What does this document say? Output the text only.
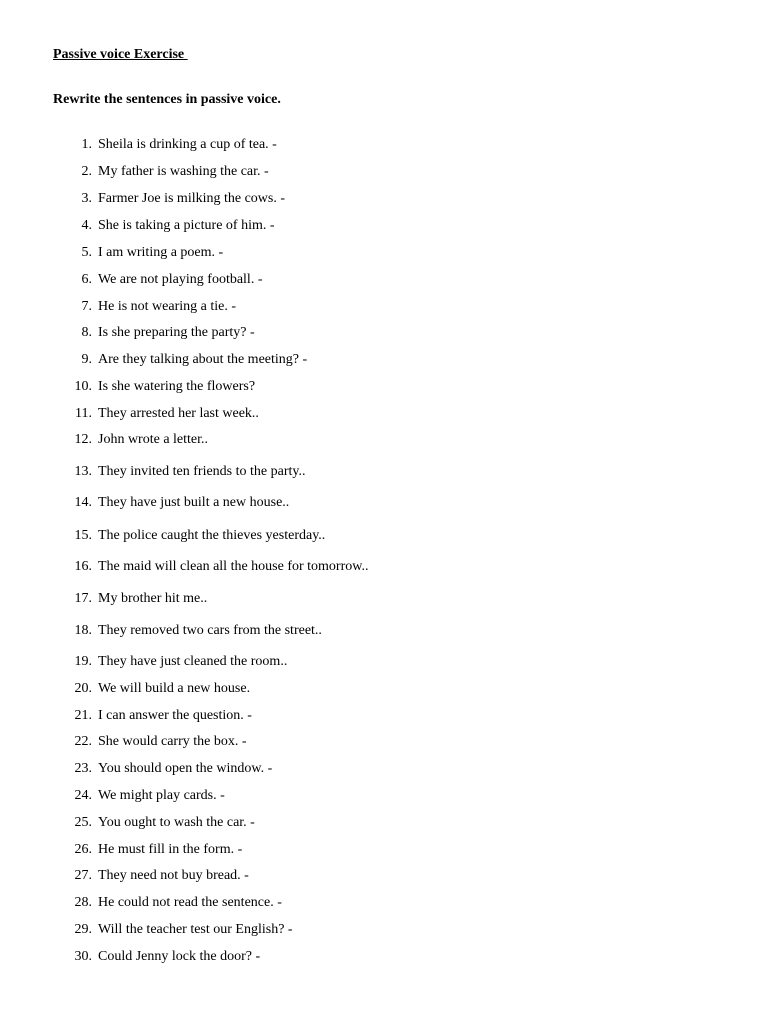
Passive voice Exercise
Rewrite the sentences in passive voice.
1. Sheila is drinking a cup of tea. -
2. My father is washing the car. -
3. Farmer Joe is milking the cows. -
4. She is taking a picture of him. -
5. I am writing a poem. -
6. We are not playing football. -
7. He is not wearing a tie. -
8. Is she preparing the party? -
9. Are they talking about the meeting? -
10. Is she watering the flowers?
11. They arrested her last week..
12. John wrote a letter..
13. They invited ten friends to the party..
14. They have just built a new house..
15. The police caught the thieves yesterday..
16. The maid will clean all the house for tomorrow..
17. My brother hit me..
18. They removed two cars from the street..
19. They have just cleaned the room..
20. We will build a new house.
21. I can answer the question. -
22. She would carry the box. -
23. You should open the window. -
24. We might play cards. -
25. You ought to wash the car. -
26. He must fill in the form. -
27. They need not buy bread. -
28. He could not read the sentence. -
29. Will the teacher test our English? -
30. Could Jenny lock the door? -
